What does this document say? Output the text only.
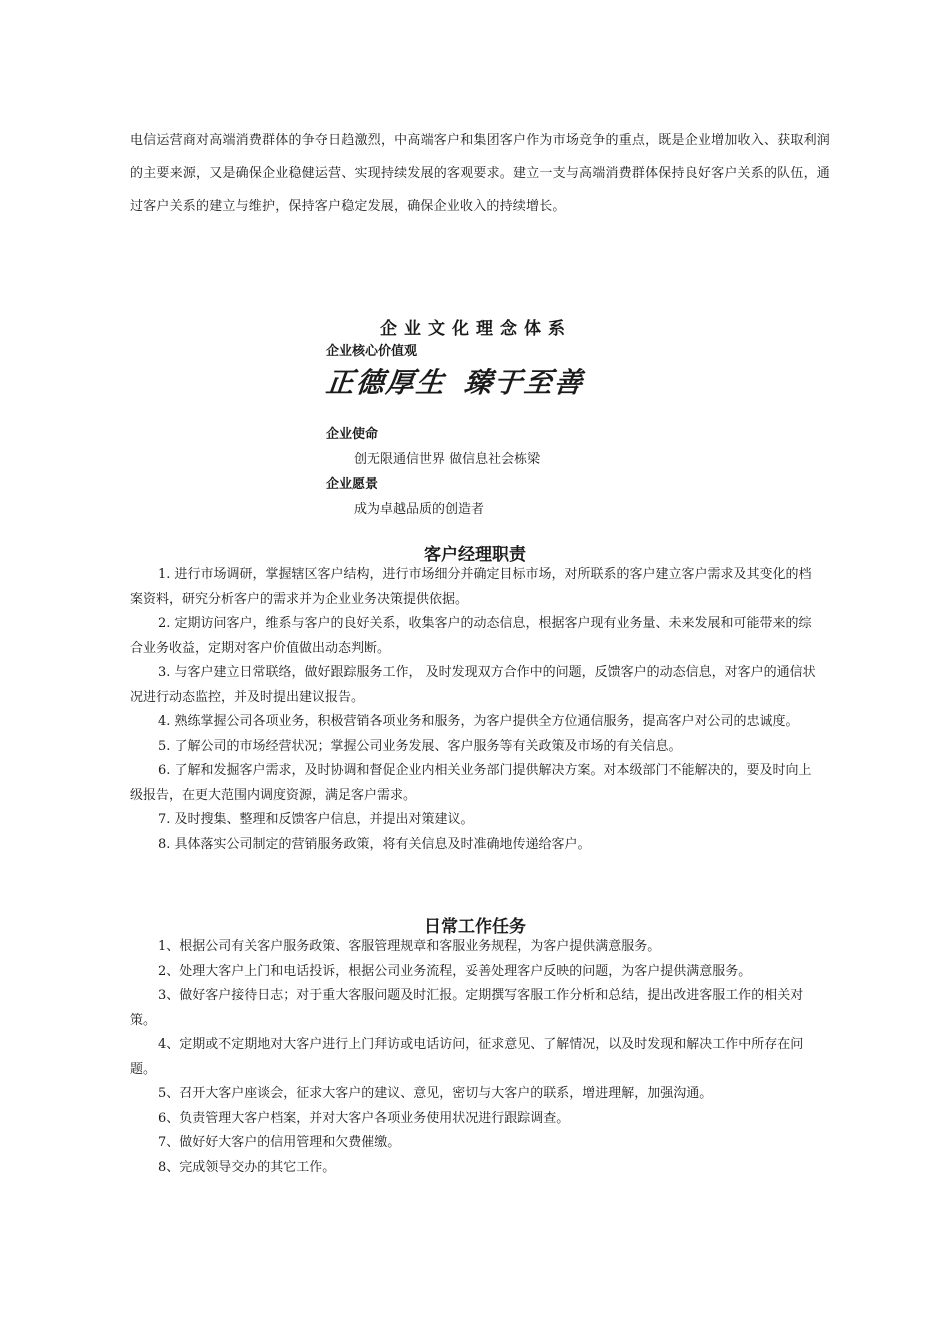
电信运营商对高端消费群体的争夺日趋激烈，中高端客户和集团客户作为市场竞争的重点，既是企业增加收入、获取利润的主要来源，又是确保企业稳健运营、实现持续发展的客观要求。建立一支与高端消费群体保持良好客户关系的队伍，通过客户关系的建立与维护，保持客户稳定发展，确保企业收入的持续增长。
企业文化理念体系
企业核心价值观
正德厚生 臻于至善
企业使命
创无限通信世界 做信息社会栋梁
企业愿景
成为卓越品质的创造者
客户经理职责

1. 进行市场调研，掌握辖区客户结构，进行市场细分并确定目标市场，对所联系的客户建立客户需求及其变化的档案资料，研究分析客户的需求并为企业业务决策提供依据。

2. 定期访问客户，维系与客户的良好关系，收集客户的动态信息，根据客户现有业务量、未来发展和可能带来的综合业务收益，定期对客户价值做出动态判断。

3. 与客户建立日常联络，做好跟踪服务工作， 及时发现双方合作中的问题，反馈客户的动态信息，对客户的通信状况进行动态监控，并及时提出建议报告。

4. 熟练掌握公司各项业务，积极营销各项业务和服务，为客户提供全方位通信服务，提高客户对公司的忠诚度。

5. 了解公司的市场经营状况；掌握公司业务发展、客户服务等有关政策及市场的有关信息。

6. 了解和发掘客户需求，及时协调和督促企业内相关业务部门提供解决方案。对本级部门不能解决的，要及时向上级报告，在更大范围内调度资源，满足客户需求。

7. 及时搜集、整理和反馈客户信息，并提出对策建议。

8. 具体落实公司制定的营销服务政策，将有关信息及时准确地传递给客户。

日常工作任务

1、根据公司有关客户服务政策、客服管理规章和客服业务规程，为客户提供满意服务。

2、处理大客户上门和电话投诉，根据公司业务流程，妥善处理客户反映的问题，为客户提供满意服务。

3、做好客户接待日志；对于重大客服问题及时汇报。定期撰写客服工作分析和总结，提出改进客服工作的相关对策。

4、定期或不定期地对大客户进行上门拜访或电话访问，征求意见、了解情况，以及时发现和解决工作中所存在问题。

5、召开大客户座谈会，征求大客户的建议、意见，密切与大客户的联系，增进理解，加强沟通。

6、负责管理大客户档案，并对大客户各项业务使用状况进行跟踪调查。

7、做好好大客户的信用管理和欠费催缴。

8、完成领导交办的其它工作。
